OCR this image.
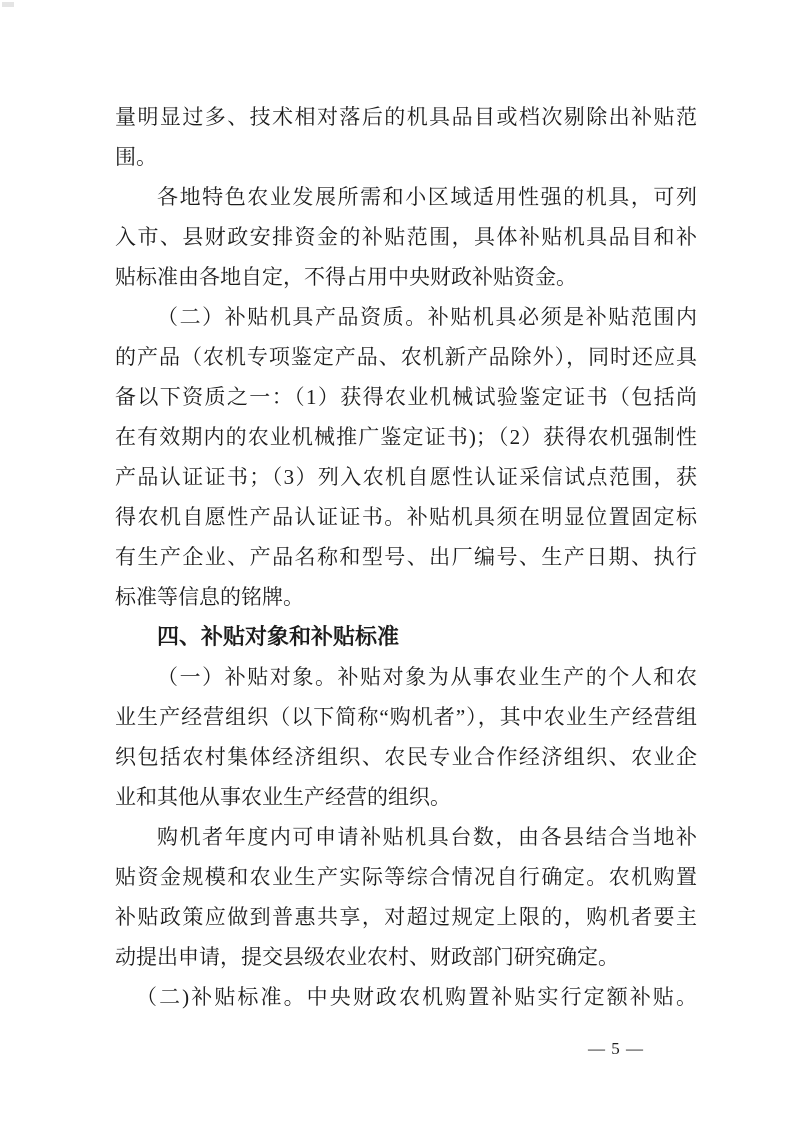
量明显过多、技术相对落后的机具品目或档次剔除出补贴范
围。
各地特色农业发展所需和小区域适用性强的机具，可列
入市、县财政安排资金的补贴范围，具体补贴机具品目和补
贴标准由各地自定，不得占用中央财政补贴资金。
（二）补贴机具产品资质。补贴机具必须是补贴范围内
的产品（农机专项鉴定产品、农机新产品除外），同时还应具
备以下资质之一：（1）获得农业机械试验鉴定证书（包括尚
在有效期内的农业机械推广鉴定证书)；（2）获得农机强制性
产品认证证书；（3）列入农机自愿性认证采信试点范围，获
得农机自愿性产品认证证书。补贴机具须在明显位置固定标
有生产企业、产品名称和型号、出厂编号、生产日期、执行
标准等信息的铭牌。
四、补贴对象和补贴标准
（一）补贴对象。补贴对象为从事农业生产的个人和农
业生产经营组织（以下简称“购机者”），其中农业生产经营组
织包括农村集体经济组织、农民专业合作经济组织、农业企
业和其他从事农业生产经营的组织。
购机者年度内可申请补贴机具台数，由各县结合当地补
贴资金规模和农业生产实际等综合情况自行确定。农机购置
补贴政策应做到普惠共享，对超过规定上限的，购机者要主
动提出申请，提交县级农业农村、财政部门研究确定。
（二)补贴标准。中央财政农机购置补贴实行定额补贴。
— 5 —
